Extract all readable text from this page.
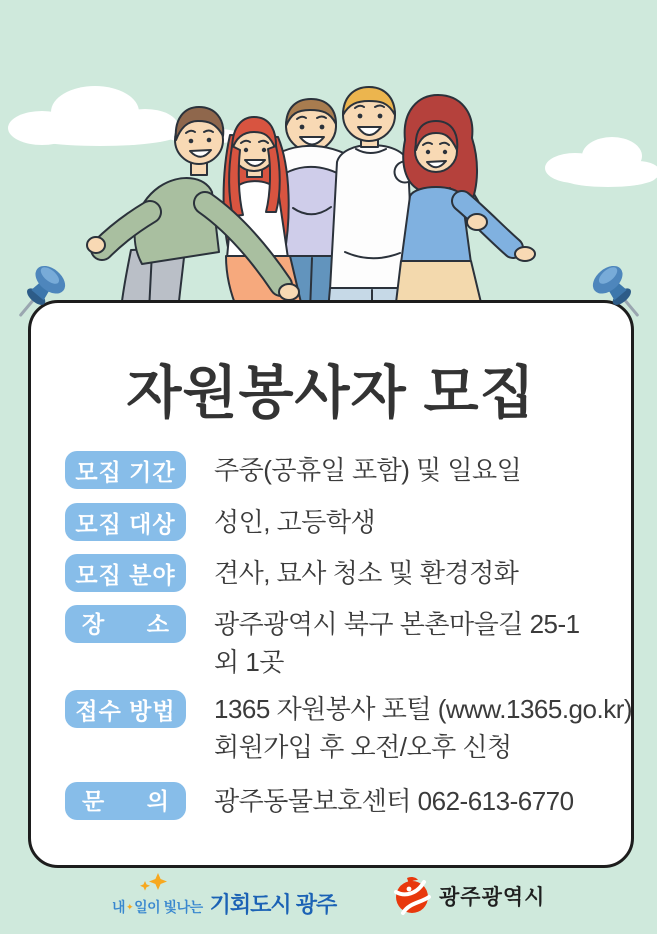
자원봉사자 모집
모집 기간	주중(공휴일 포함) 및 일요일
모집 대상	성인, 고등학생
모집 분야	견사, 묘사 청소 및 환경정화
장 소	광주광역시 북구 본촌마을길 25-1
외 1곳
접수 방법	1365 자원봉사 포털 (www.1365.go.kr)
회원가입 후 오전/오후 신청
문 의	광주동물보호센터 062-613-6770
내✦일이 빛나는 기회도시 광주	광주광역시
